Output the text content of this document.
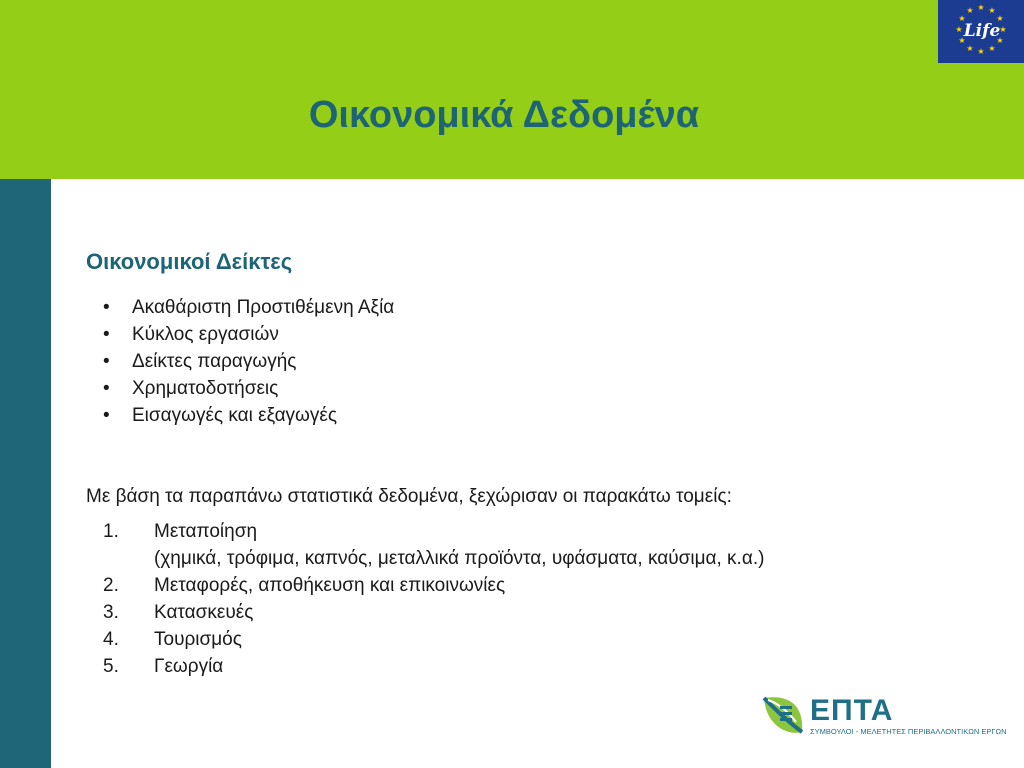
Οικονομικά Δεδομένα
★ ★
★
★
★
★
★
★
★
★
★
★
Life
Οικονομικοί Δείκτες
• Ακαθάριστη Προστιθέμενη Αξία
• Κύκλος εργασιών
• Δείκτες παραγωγής
• Χρηματοδοτήσεις
• Εισαγωγές και εξαγωγές
Με βάση τα παραπάνω στατιστικά δεδομένα, ξεχώρισαν οι παρακάτω τομείς:
1. Μεταποίηση
(χημικά, τρόφιμα, καπνός, μεταλλικά προϊόντα, υφάσματα, καύσιμα, κ.α.)
2. Μεταφορές, αποθήκευση και επικοινωνίες
3. Κατασκευές
4. Τουρισμός
5. Γεωργία
ΕΠΤΑ
ΣΥΜΒΟΥΛΟΙ - ΜΕΛΕΤΗΤΕΣ ΠΕΡΙΒΑΛΛΟΝΤΙΚΩΝ ΕΡΓΩΝ
